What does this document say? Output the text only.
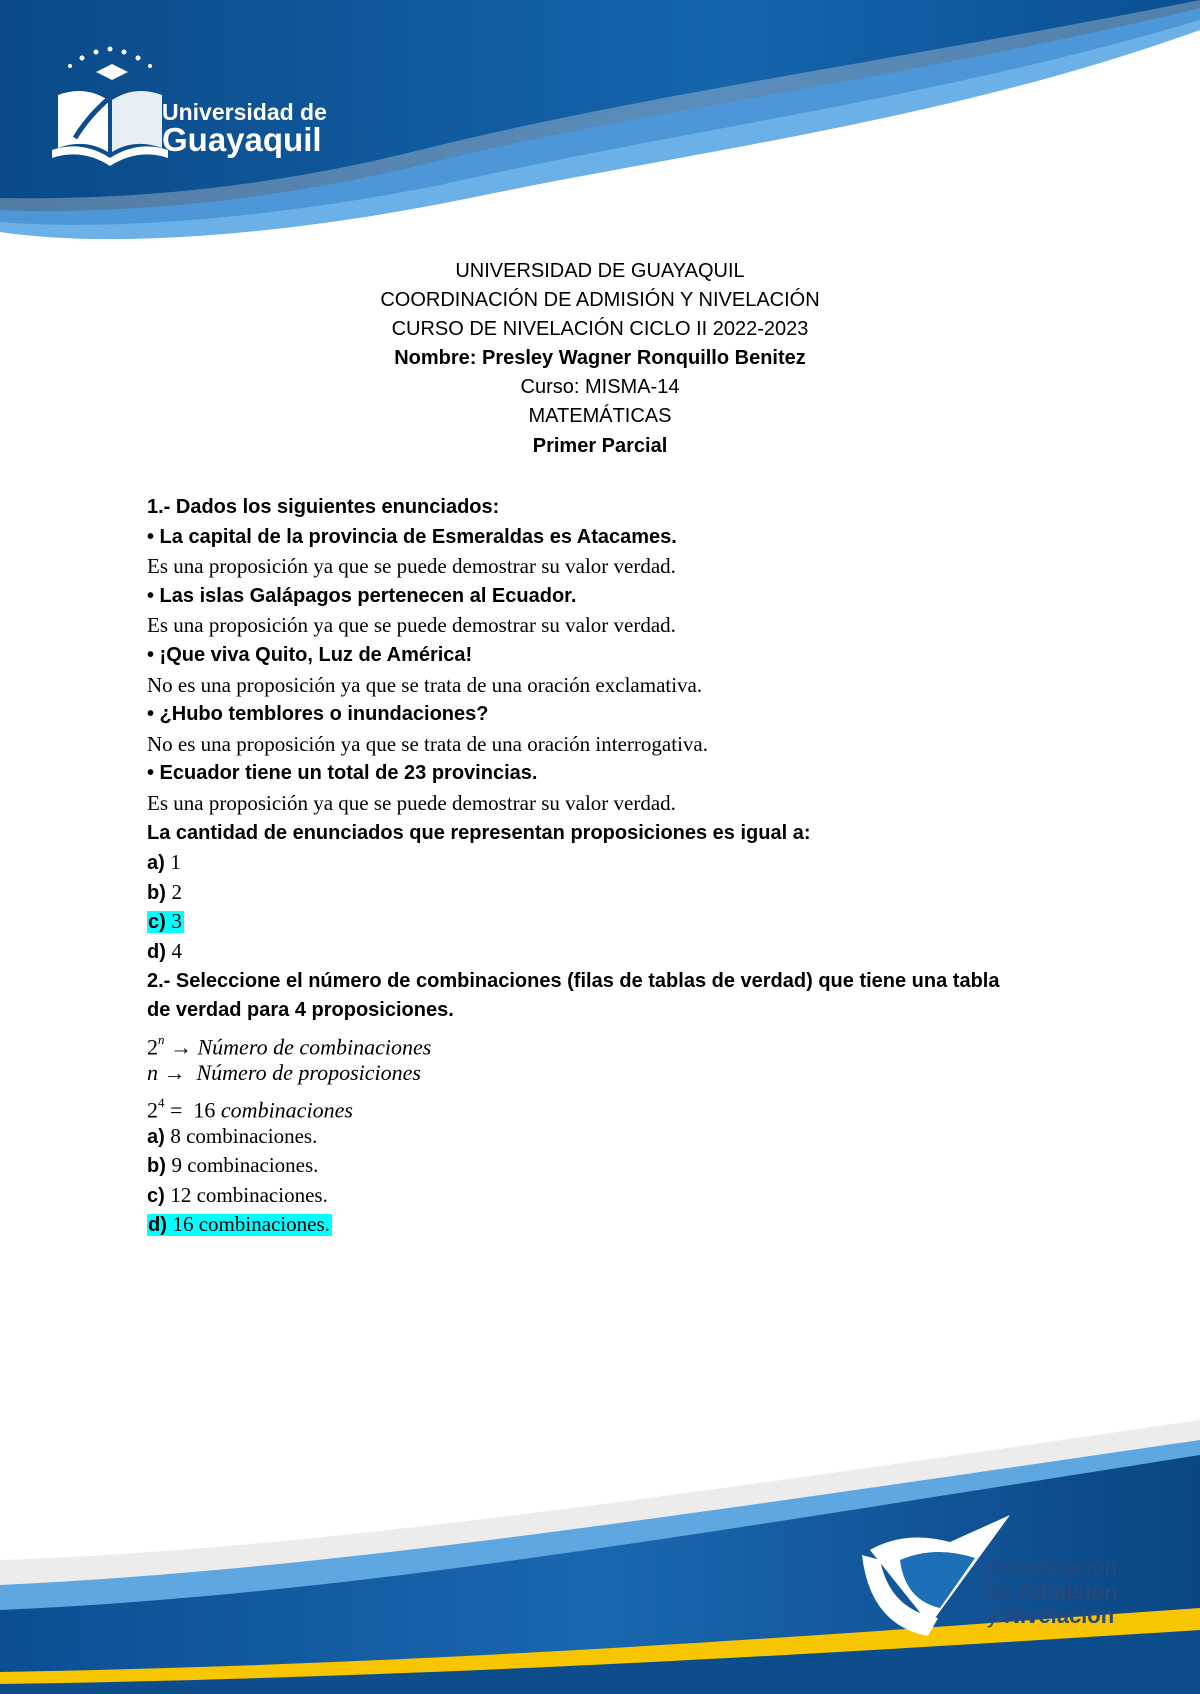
Universidad de
Guayaquil
UNIVERSIDAD DE GUAYAQUIL
COORDINACIÓN DE ADMISIÓN Y NIVELACIÓN
CURSO DE NIVELACIÓN CICLO II 2022-2023
Nombre: Presley Wagner Ronquillo Benitez
Curso: MISMA-14
MATEMÁTICAS
Primer Parcial
1.- Dados los siguientes enunciados:
• La capital de la provincia de Esmeraldas es Atacames.
Es una proposición ya que se puede demostrar su valor verdad.
• Las islas Galápagos pertenecen al Ecuador.
Es una proposición ya que se puede demostrar su valor verdad.
• ¡Que viva Quito, Luz de América!
No es una proposición ya que se trata de una oración exclamativa.
• ¿Hubo temblores o inundaciones?
No es una proposición ya que se trata de una oración interrogativa.
• Ecuador tiene un total de 23 provincias.
Es una proposición ya que se puede demostrar su valor verdad.
La cantidad de enunciados que representan proposiciones es igual a:
a) 1
b) 2
c) 3
d) 4
2.- Seleccione el número de combinaciones (filas de tablas de verdad) que tiene una tabla
de verdad para 4 proposiciones.
$2^n$ → Número de combinaciones
n →  Número de proposiciones
$2^4 = 16$ combinaciones
a) 8 combinaciones.
b) 9 combinaciones.
c) 12 combinaciones.
d) 16 combinaciones.
Coordinación
de Admisión
y Nivelación
